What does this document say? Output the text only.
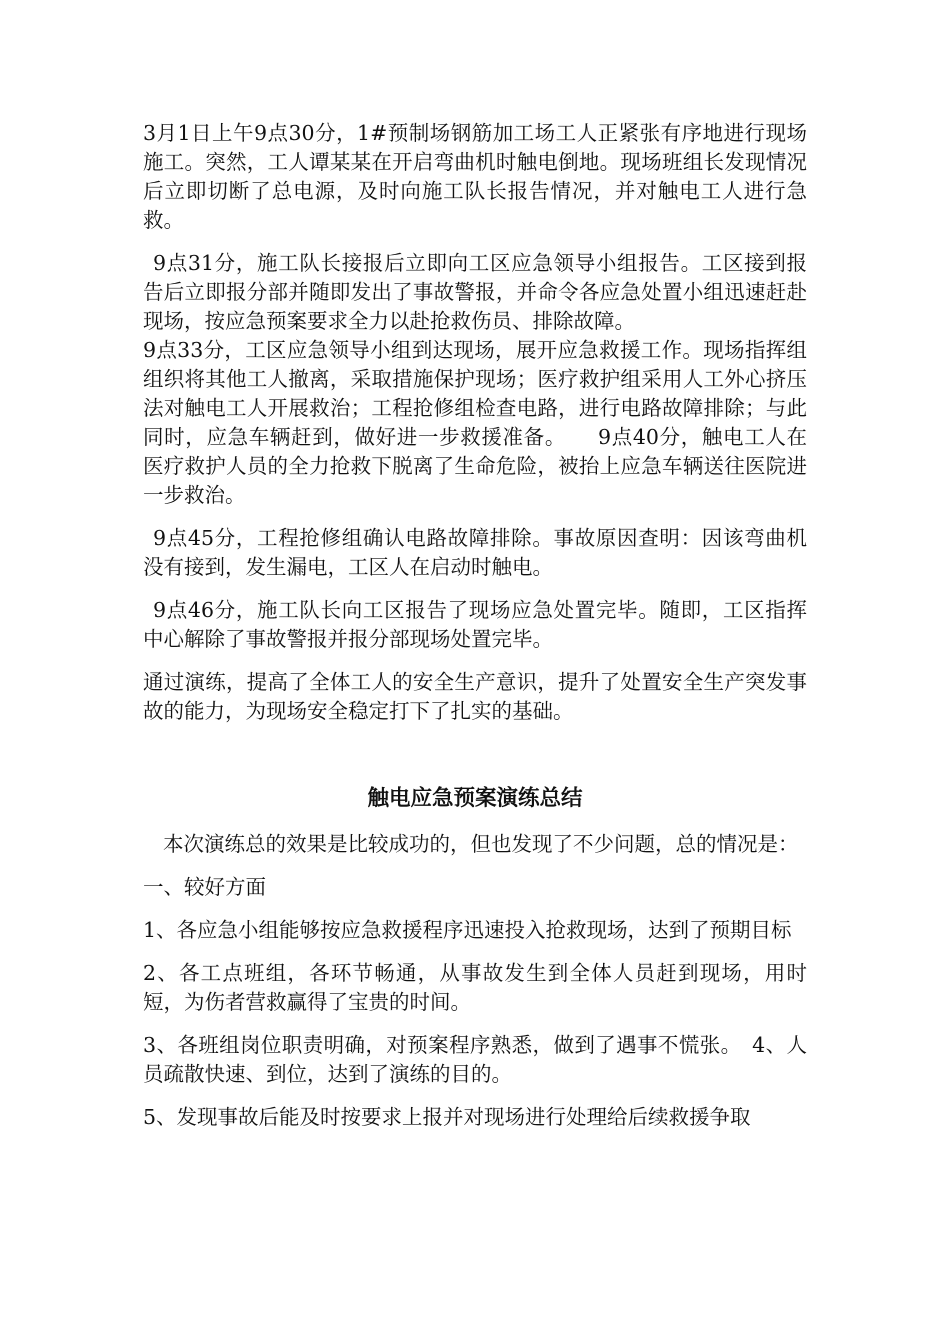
3月1日上午9点30分，1#预制场钢筋加工场工人正紧张有序地进行现场施工。突然，工人谭某某在开启弯曲机时触电倒地。现场班组长发现情况后立即切断了总电源，及时向施工队长报告情况，并对触电工人进行急救。

9点31分，施工队长接报后立即向工区应急领导小组报告。工区接到报告后立即报分部并随即发出了事故警报，并命令各应急处置小组迅速赶赴现场，按应急预案要求全力以赴抢救伤员、排除故障。

9点33分，工区应急领导小组到达现场，展开应急救援工作。现场指挥组组织将其他工人撤离，采取措施保护现场；医疗救护组采用人工外心挤压法对触电工人开展救治；工程抢修组检查电路，进行电路故障排除；与此同时，应急车辆赶到，做好进一步救援准备。　　9点40分，触电工人在医疗救护人员的全力抢救下脱离了生命危险，被抬上应急车辆送往医院进一步救治。

9点45分，工程抢修组确认电路故障排除。事故原因查明：因该弯曲机没有接到，发生漏电，工区人在启动时触电。

9点46分，施工队长向工区报告了现场应急处置完毕。随即，工区指挥中心解除了事故警报并报分部现场处置完毕。

通过演练，提高了全体工人的安全生产意识，提升了处置安全生产突发事故的能力，为现场安全稳定打下了扎实的基础。

触电应急预案演练总结

本次演练总的效果是比较成功的，但也发现了不少问题，总的情况是：

一、较好方面

1、各应急小组能够按应急救援程序迅速投入抢救现场，达到了预期目标

2、各工点班组，各环节畅通，从事故发生到全体人员赶到现场，用时短，为伤者营救赢得了宝贵的时间。

3、各班组岗位职责明确，对预案程序熟悉，做到了遇事不慌张。　4、人员疏散快速、到位，达到了演练的目的。

5、发现事故后能及时按要求上报并对现场进行处理给后续救援争取
